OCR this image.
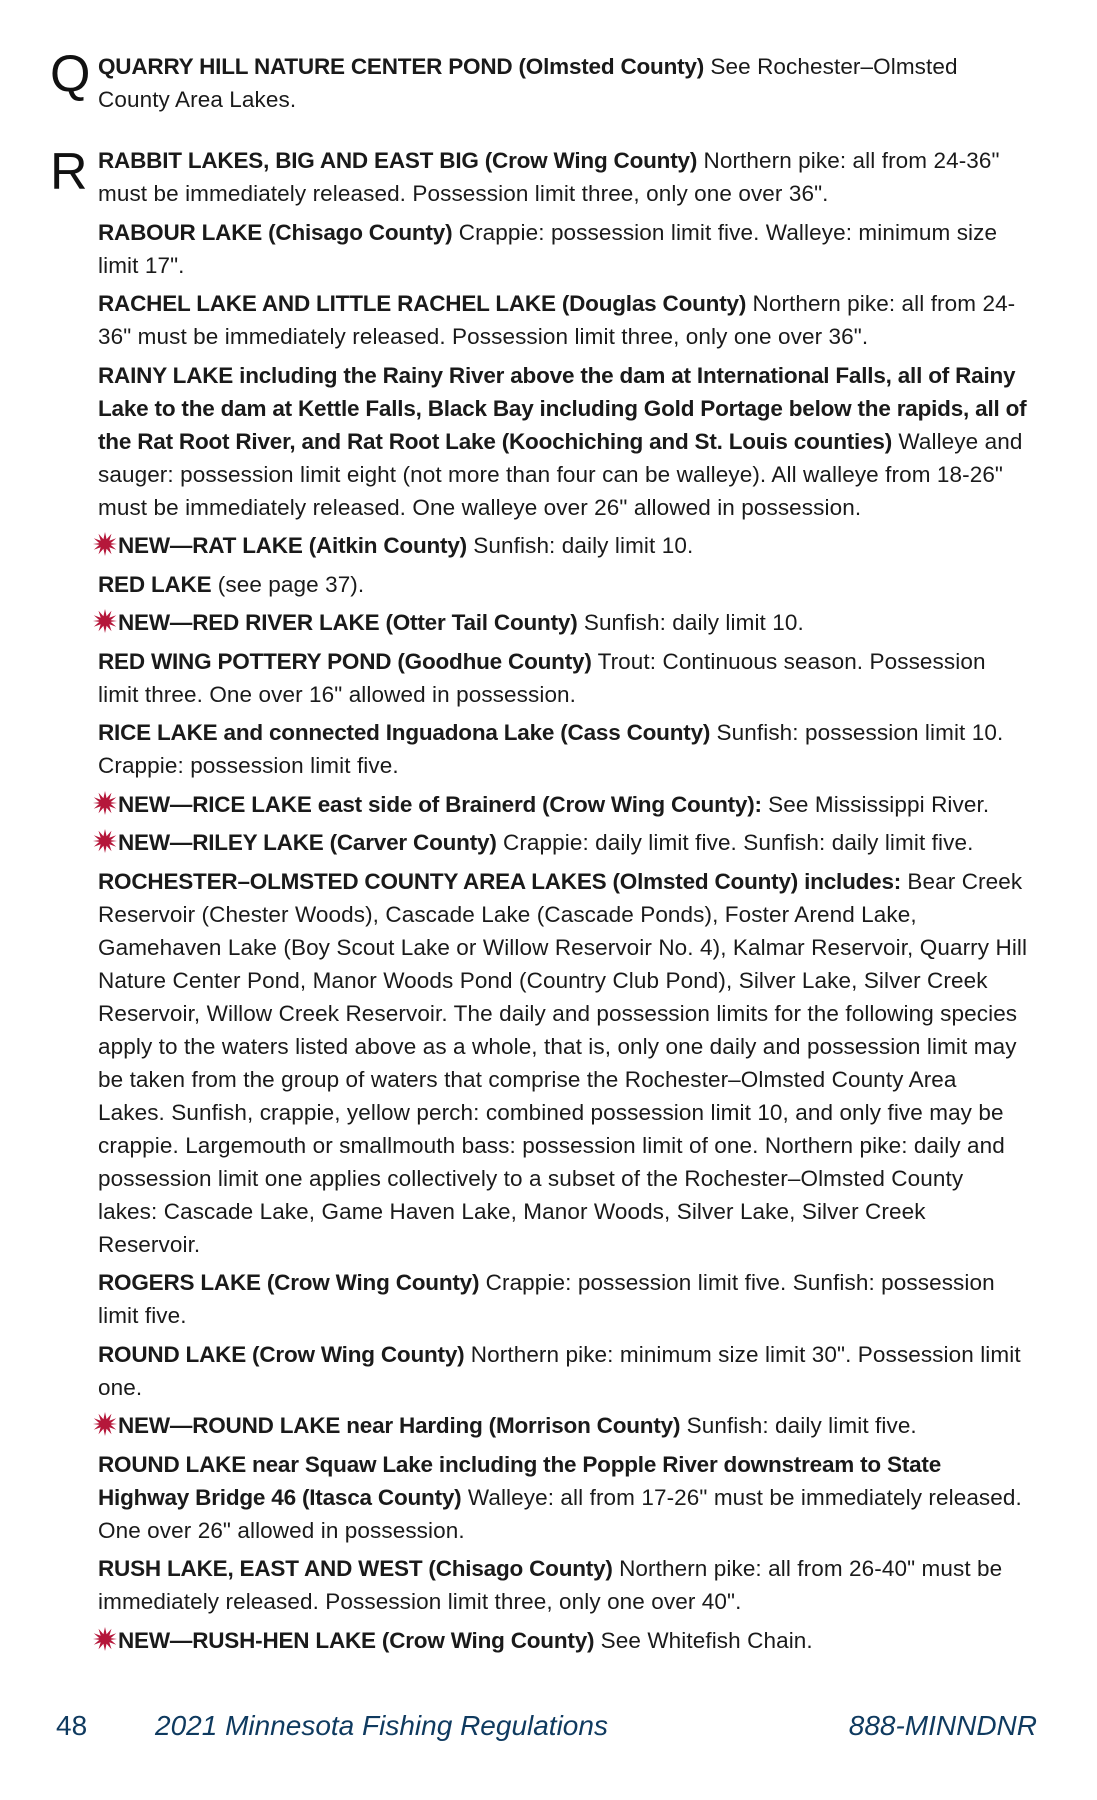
Q QUARRY HILL NATURE CENTER POND (Olmsted County) See Rochester–Olmsted County Area Lakes.

R RABBIT LAKES, BIG AND EAST BIG (Crow Wing County) Northern pike: all from 24-36" must be immediately released. Possession limit three, only one over 36".

RABOUR LAKE (Chisago County) Crappie: possession limit five. Walleye: minimum size limit 17".

RACHEL LAKE AND LITTLE RACHEL LAKE (Douglas County) Northern pike: all from 24-36" must be immediately released. Possession limit three, only one over 36".

RAINY LAKE including the Rainy River above the dam at International Falls, all of Rainy Lake to the dam at Kettle Falls, Black Bay including Gold Portage below the rapids, all of the Rat Root River, and Rat Root Lake (Koochiching and St. Louis counties) Walleye and sauger: possession limit eight (not more than four can be walleye). All walleye from 18-26" must be immediately released. One walleye over 26" allowed in possession.

NEW—RAT LAKE (Aitkin County) Sunfish: daily limit 10.

RED LAKE (see page 37).

NEW—RED RIVER LAKE (Otter Tail County) Sunfish: daily limit 10.

RED WING POTTERY POND (Goodhue County) Trout: Continuous season. Possession limit three. One over 16" allowed in possession.

RICE LAKE and connected Inguadona Lake (Cass County) Sunfish: possession limit 10. Crappie: possession limit five.

NEW—RICE LAKE east side of Brainerd (Crow Wing County): See Mississippi River.

NEW—RILEY LAKE (Carver County) Crappie: daily limit five. Sunfish: daily limit five.

ROCHESTER–OLMSTED COUNTY AREA LAKES (Olmsted County) includes: Bear Creek Reservoir (Chester Woods), Cascade Lake (Cascade Ponds), Foster Arend Lake, Gamehaven Lake (Boy Scout Lake or Willow Reservoir No. 4), Kalmar Reservoir, Quarry Hill Nature Center Pond, Manor Woods Pond (Country Club Pond), Silver Lake, Silver Creek Reservoir, Willow Creek Reservoir. The daily and possession limits for the following species apply to the waters listed above as a whole, that is, only one daily and possession limit may be taken from the group of waters that comprise the Rochester–Olmsted County Area Lakes. Sunfish, crappie, yellow perch: combined possession limit 10, and only five may be crappie. Largemouth or smallmouth bass: possession limit of one. Northern pike: daily and possession limit one applies collectively to a subset of the Rochester–Olmsted County lakes: Cascade Lake, Game Haven Lake, Manor Woods, Silver Lake, Silver Creek Reservoir.

ROGERS LAKE (Crow Wing County) Crappie: possession limit five. Sunfish: possession limit five.

ROUND LAKE (Crow Wing County) Northern pike: minimum size limit 30". Possession limit one.

NEW—ROUND LAKE near Harding (Morrison County) Sunfish: daily limit five.

ROUND LAKE near Squaw Lake including the Popple River downstream to State Highway Bridge 46 (Itasca County) Walleye: all from 17-26" must be immediately released. One over 26" allowed in possession.

RUSH LAKE, EAST AND WEST (Chisago County) Northern pike: all from 26-40" must be immediately released. Possession limit three, only one over 40".

NEW—RUSH-HEN LAKE (Crow Wing County) See Whitefish Chain.

48 2021 Minnesota Fishing Regulations	888-MINNDNR
